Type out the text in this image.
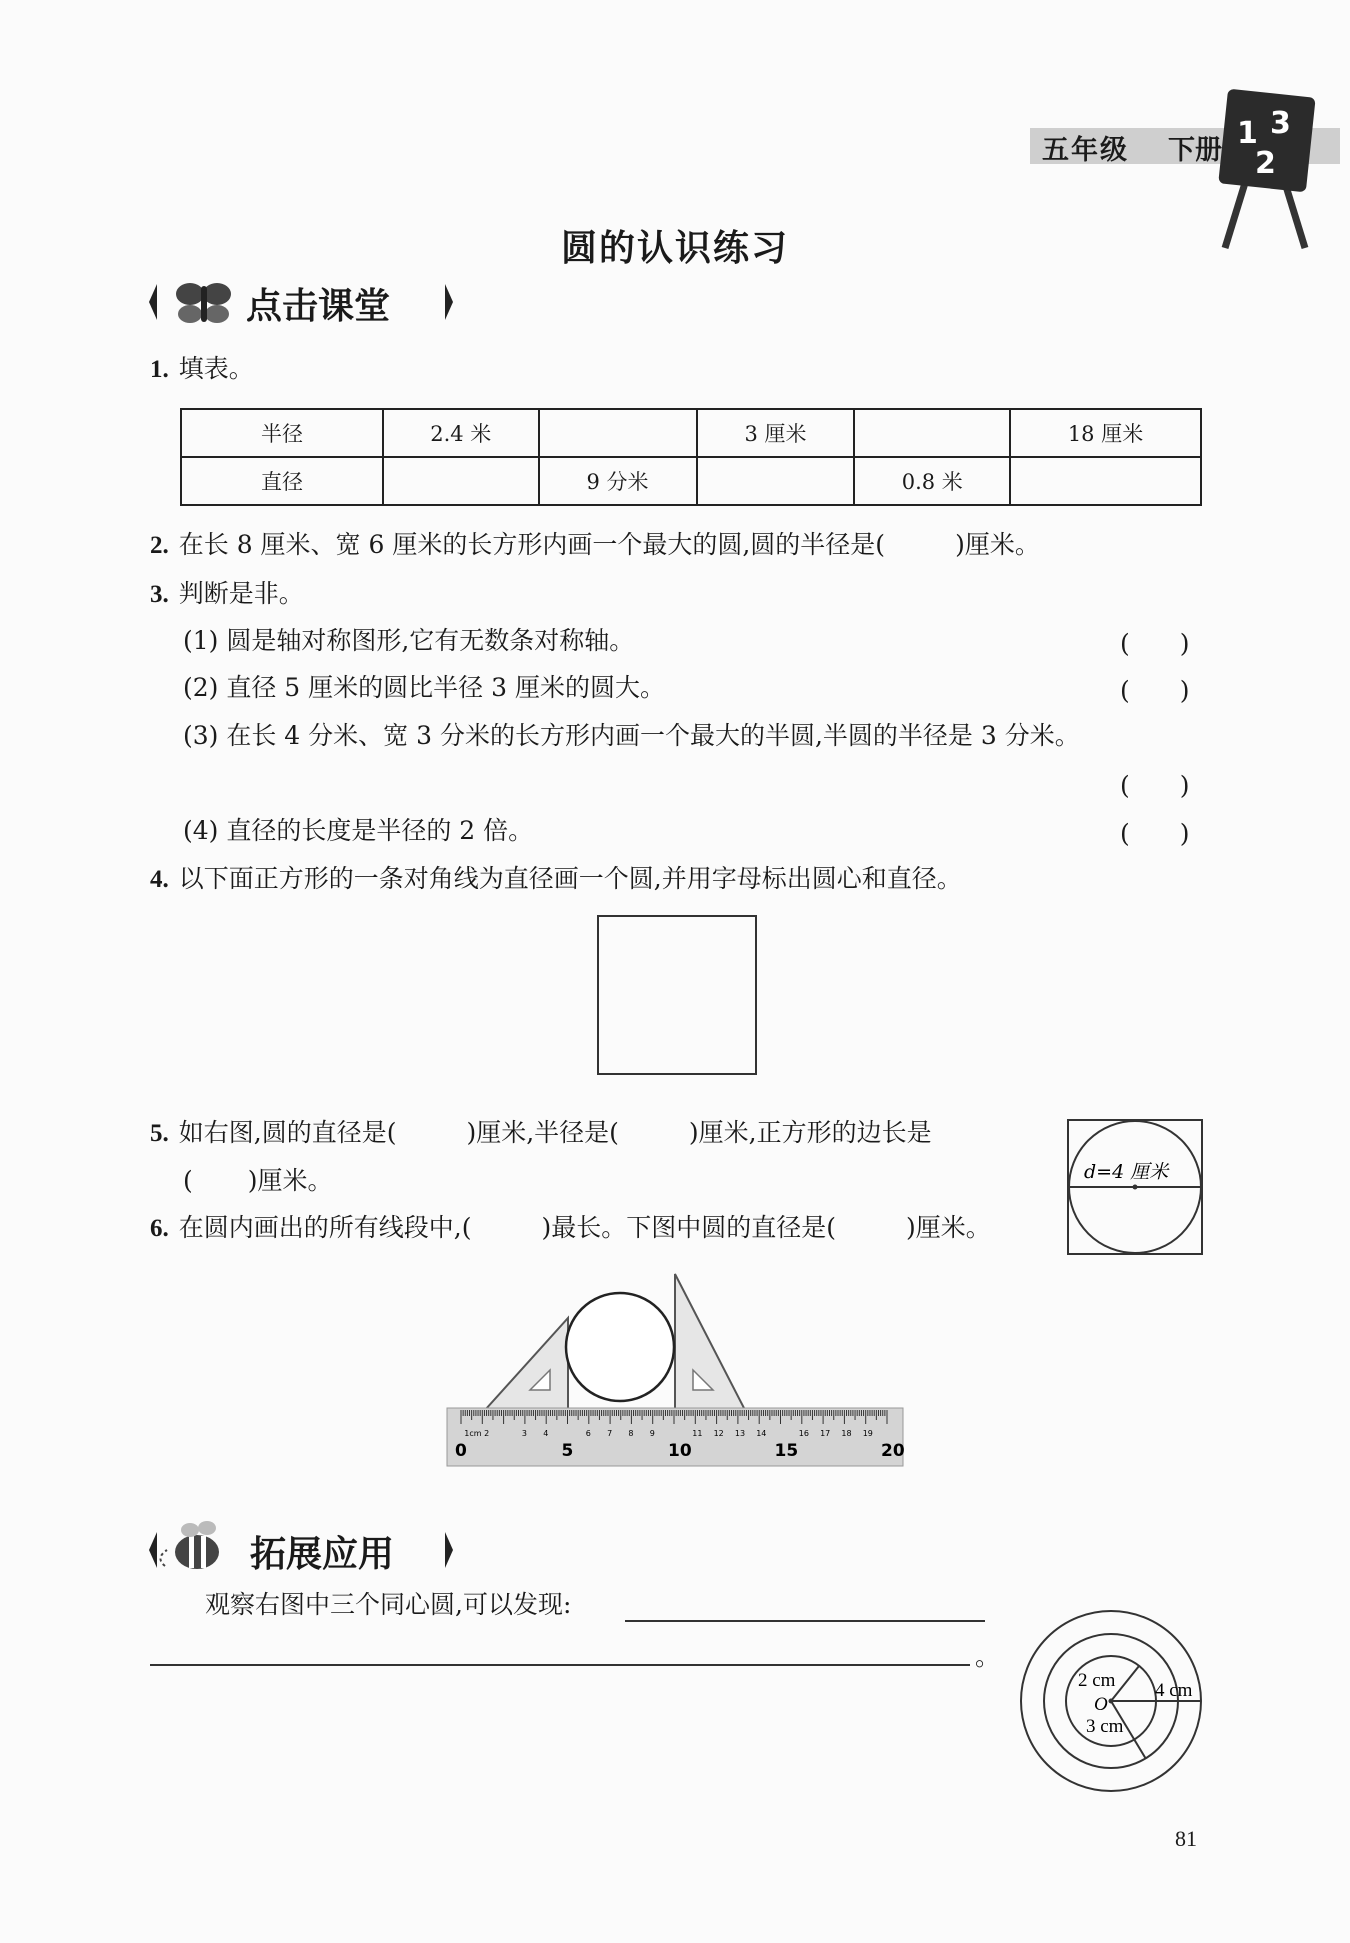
五年级 下册 1 3
2
圆的认识练习
点击课堂
1. 填表。
半径	2.4 米		3 厘米		18 厘米
直径		9 分米		0.8 米	
2. 在长 8 厘米、宽 6 厘米的长方形内画一个最大的圆,圆的半径是(	)厘米。
3. 判断是非。
(1) 圆是轴对称图形,它有无数条对称轴。	(　　)
(2) 直径 5 厘米的圆比半径 3 厘米的圆大。	(　　)
(3) 在长 4 分米、宽 3 分米的长方形内画一个最大的半圆,半圆的半径是 3 分米。
(　　)
(4) 直径的长度是半径的 2 倍。	(　　)
4. 以下面正方形的一条对角线为直径画一个圆,并用字母标出圆心和直径。
5. 如右图,圆的直径是(	)厘米,半径是(	)厘米,正方形的边长是
( )厘米。	d=4 厘米
6. 在圆内画出的所有线段中,(	)最长。下图中圆的直径是(	)厘米。
0	5	10	15	20
1cm 2	3 4	6 7 8 9	11 12 13 14	16 17 18 19
拓展应用
观察右图中三个同心圆,可以发现:
。
2 cm 4 cm
3 cm
O
81
